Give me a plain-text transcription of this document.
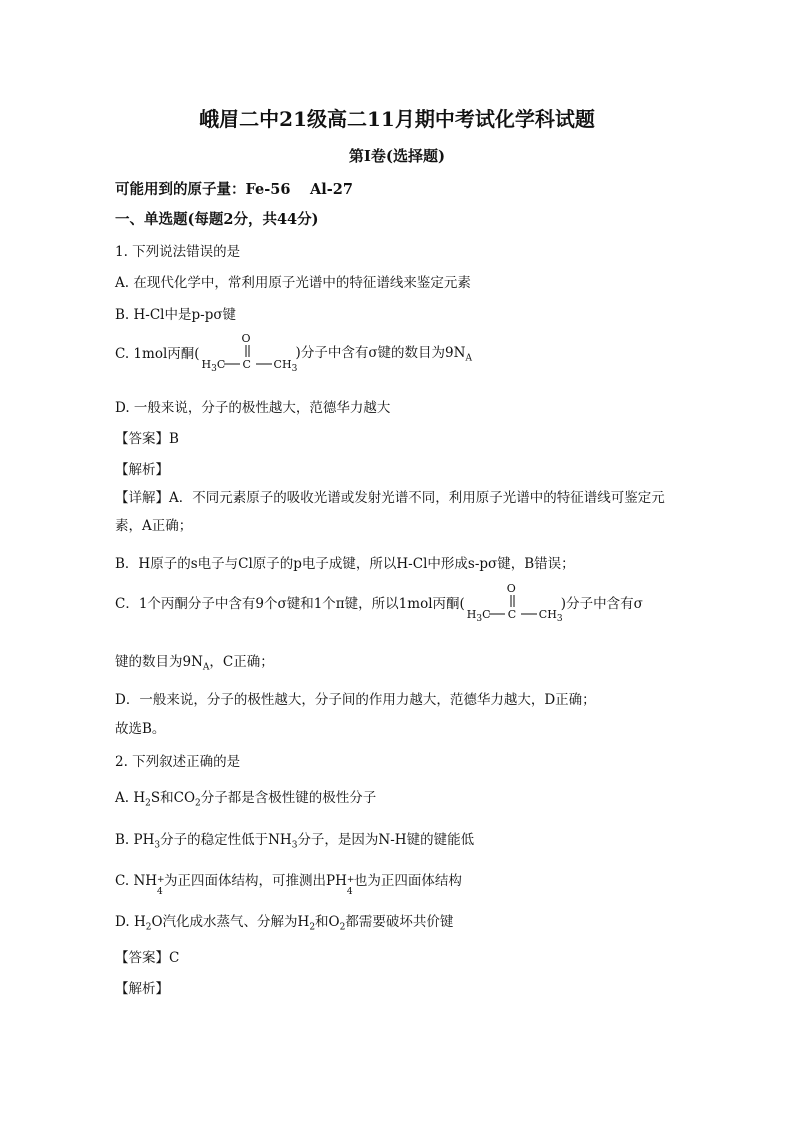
峨眉二中21级高二11月期中考试化学科试题
第I卷(选择题)
可能用到的原子量：Fe-56　 Al-27
一、单选题(每题2分，共44分)
1. 下列说法错误的是
A. 在现代化学中，常利用原子光谱中的特征谱线来鉴定元素
B. H-Cl中是p-pσ键
C. 1mol丙酮(
O
$H_3C$ C $CH_3$
)分子中含有σ键的数目为$9N_A$
D. 一般来说，分子的极性越大，范德华力越大
【答案】B
【解析】
【详解】A．不同元素原子的吸收光谱或发射光谱不同，利用原子光谱中的特征谱线可鉴定元素，A正确；
B．H原子的s电子与Cl原子的p电子成键，所以H-Cl中形成s-pσ键，B错误；
C．1个丙酮分子中含有9个σ键和1个π键，所以1mol丙酮(
O
$H_3C$ C $CH_3$
)分子中含有σ
键的数目为$9N_A$，C正确；
D．一般来说，分子的极性越大，分子间的作用力越大，范德华力越大，D正确；
故选B。
2. 下列叙述正确的是
A. $H_2S$和$CO_2$分子都是含极性键的极性分子
B. $PH_3$分子的稳定性低于$NH_3$分子，是因为N-H键的键能低
C. NH +
4
为正四面体结构，可推测出PH +
4
也为正四面体结构
D. $H_2O$汽化成水蒸气、分解为$H_2$和$O_2$都需要破坏共价键
【答案】C
【解析】
